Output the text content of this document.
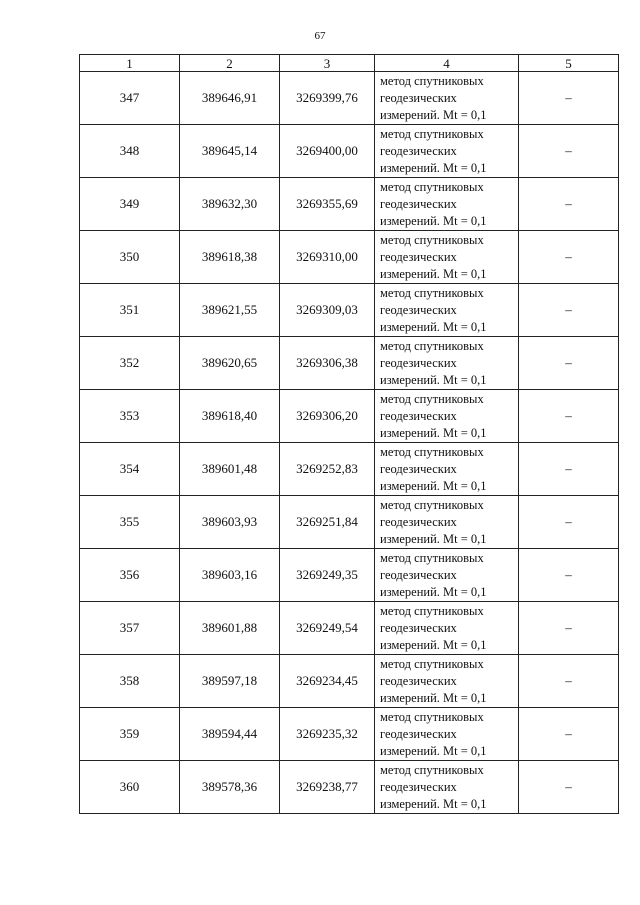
67
1	2	3	4	5
347	389646,91	3269399,76	метод спутниковых
геодезических
измерений. Mt = 0,1	–
348	389645,14	3269400,00	метод спутниковых
геодезических
измерений. Mt = 0,1	–
349	389632,30	3269355,69	метод спутниковых
геодезических
измерений. Mt = 0,1	–
350	389618,38	3269310,00	метод спутниковых
геодезических
измерений. Mt = 0,1	–
351	389621,55	3269309,03	метод спутниковых
геодезических
измерений. Mt = 0,1	–
352	389620,65	3269306,38	метод спутниковых
геодезических
измерений. Mt = 0,1	–
353	389618,40	3269306,20	метод спутниковых
геодезических
измерений. Mt = 0,1	–
354	389601,48	3269252,83	метод спутниковых
геодезических
измерений. Mt = 0,1	–
355	389603,93	3269251,84	метод спутниковых
геодезических
измерений. Mt = 0,1	–
356	389603,16	3269249,35	метод спутниковых
геодезических
измерений. Mt = 0,1	–
357	389601,88	3269249,54	метод спутниковых
геодезических
измерений. Mt = 0,1	–
358	389597,18	3269234,45	метод спутниковых
геодезических
измерений. Mt = 0,1	–
359	389594,44	3269235,32	метод спутниковых
геодезических
измерений. Mt = 0,1	–
360	389578,36	3269238,77	метод спутниковых
геодезических
измерений. Mt = 0,1	–
